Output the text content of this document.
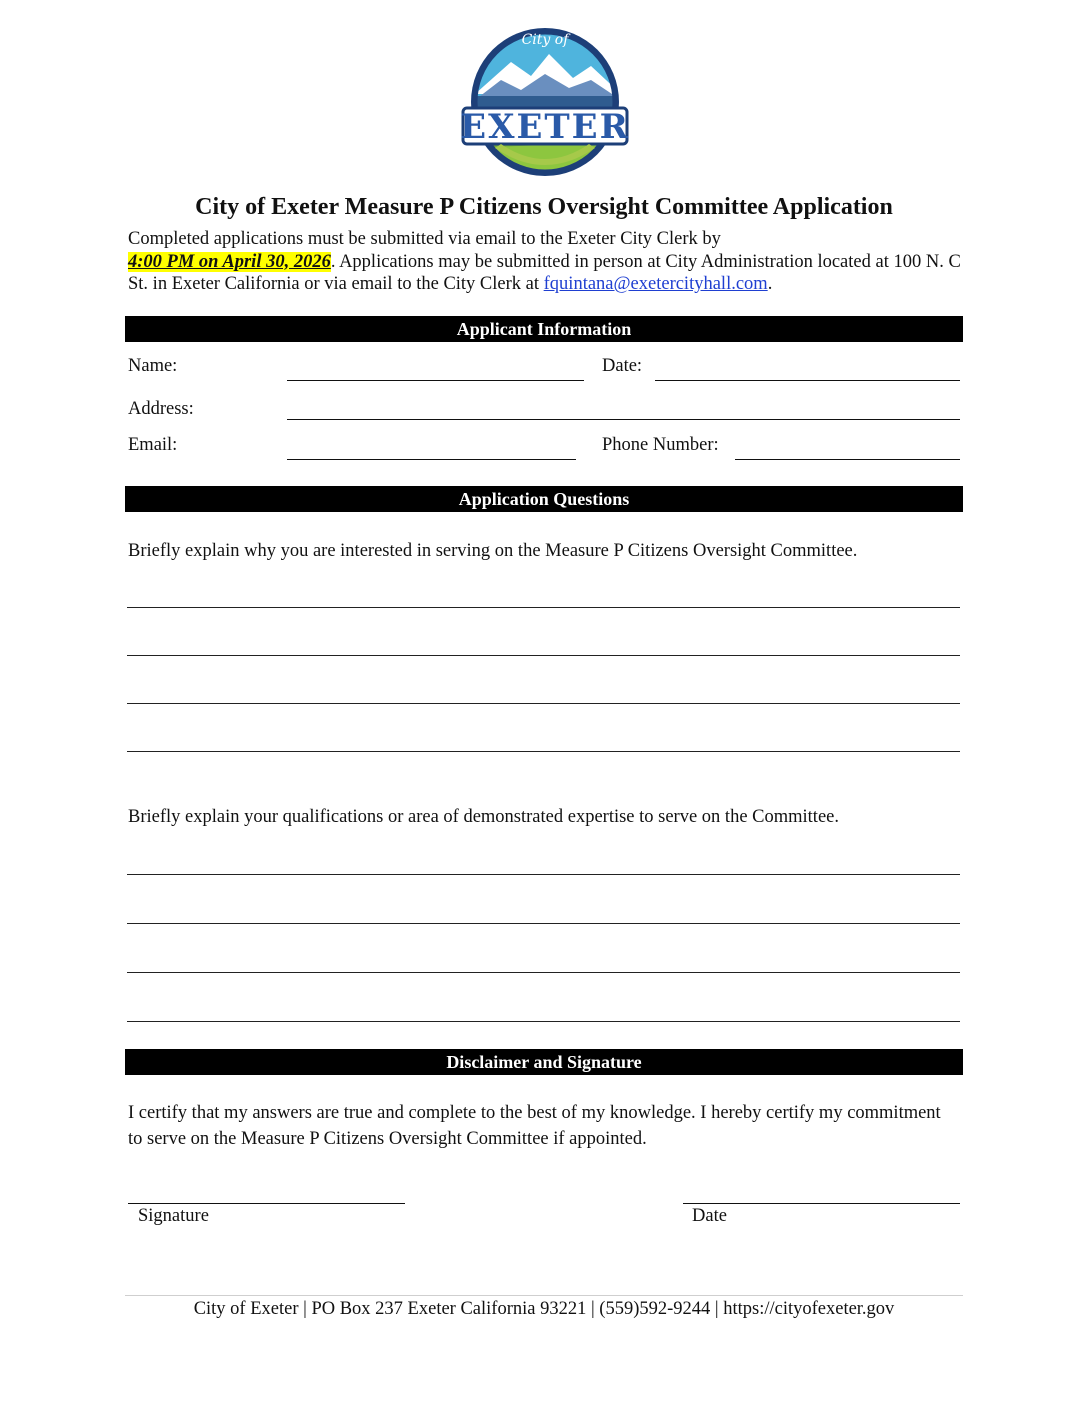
City of
EXETER
City of Exeter Measure P Citizens Oversight Committee Application
Completed applications must be submitted via email to the Exeter City Clerk by
4:00 PM on April 30, 2026. Applications may be submitted in person at City Administration located at 100 N. C St. in Exeter California or via email to the City Clerk at fquintana@exetercityhall.com.
Applicant Information
Name:	Date:
Address:
Email:	Phone Number:
Application Questions
Briefly explain why you are interested in serving on the Measure P Citizens Oversight Committee.
Briefly explain your qualifications or area of demonstrated expertise to serve on the Committee.
Disclaimer and Signature
I certify that my answers are true and complete to the best of my knowledge. I hereby certify my commitment to serve on the Measure P Citizens Oversight Committee if appointed.
Signature	Date
City of Exeter | PO Box 237 Exeter California 93221 | (559)592-9244 | https://cityofexeter.gov
